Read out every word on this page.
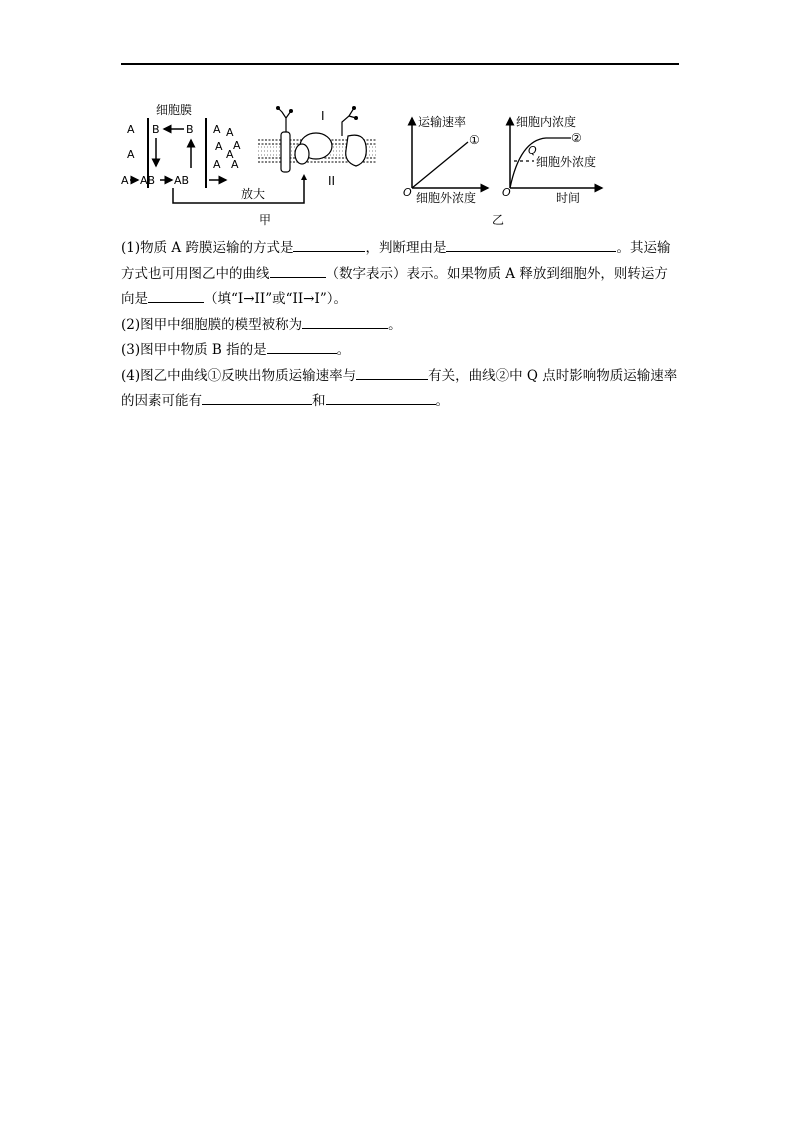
细胞膜
A
A
A
B B
AB AB
A A
A
A
A
A A
放大
I
II
甲
运输速率
①
细胞外浓度
O
细胞内浓度
Q
②
细胞外浓度
时间
O
乙

(1)物质 A 跨膜运输的方式是	，判断理由是	。其运输方式也可用图乙中的曲线	（数字表示）表示。如果物质 A 释放到细胞外，则转运方向是	（填“I→II”或“II→I”）。

(2)图甲中细胞膜的模型被称为	。

(3)图甲中物质 B 指的是	。

(4)图乙中曲线①反映出物质运输速率与	有关，曲线②中 Q 点时影响物质运输速率的因素可能有	和	。
